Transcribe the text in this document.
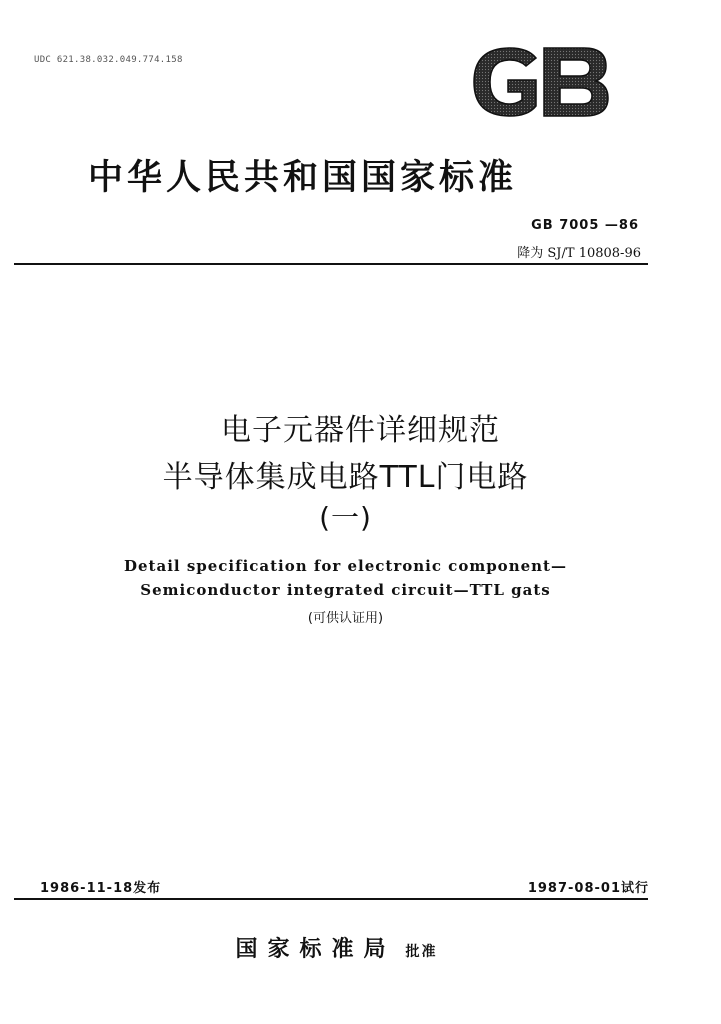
UDC 621.38.032.049.774.158
中华人民共和国国家标准
GB 7005 —86
降为 SJ/T 10808-96
电子元器件详细规范
半导体集成电路TTL门电路
(一)
Detail specification for electronic component—
Semiconductor integrated circuit—TTL gats
(可供认证用)
1986-11-18发布	1987-08-01试行
国家标准局 批准
